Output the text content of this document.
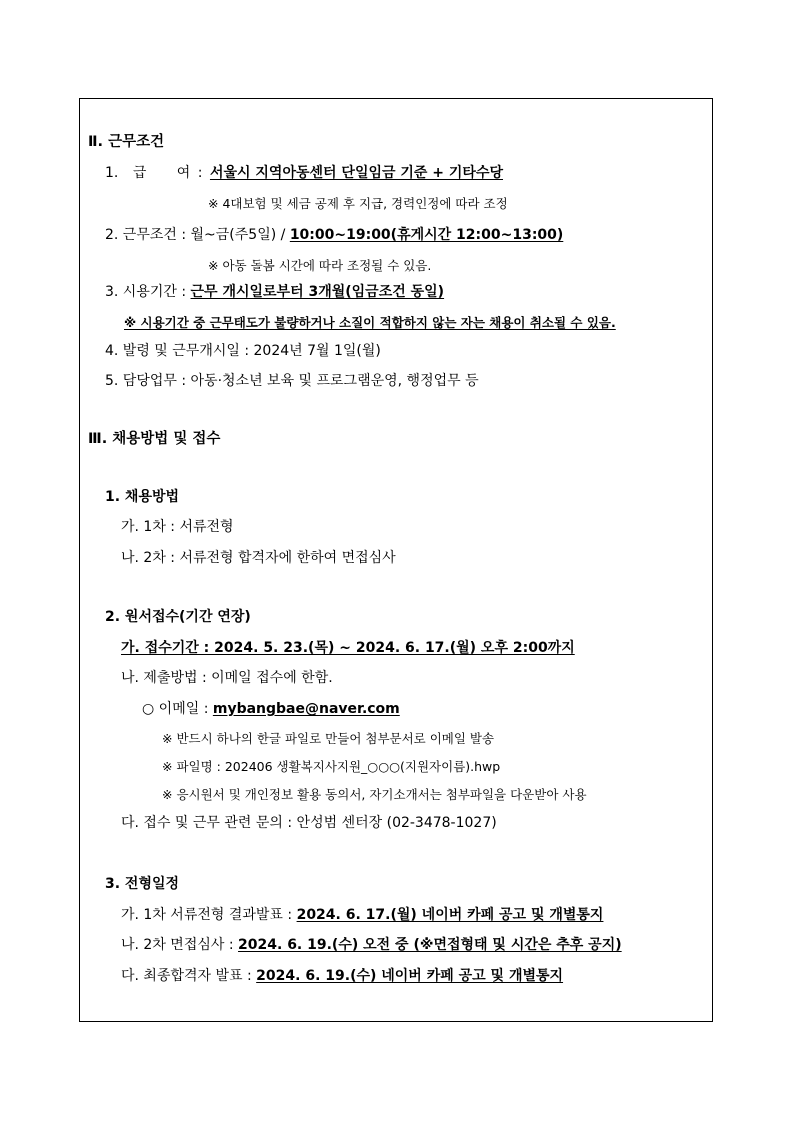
Ⅱ. 근무조건
1. 급 여 : 서울시 지역아동센터 단일임금 기준 + 기타수당
※ 4대보험 및 세금 공제 후 지급, 경력인정에 따라 조정
2. 근무조건 : 월~금(주5일) / 10:00~19:00(휴게시간 12:00~13:00)
※ 아동 돌봄 시간에 따라 조정될 수 있음.
3. 시용기간 : 근무 개시일로부터 3개월(임금조건 동일)
※ 시용기간 중 근무태도가 불량하거나 소질이 적합하지 않는 자는 채용이 취소될 수 있음.
4. 발령 및 근무개시일 : 2024년 7월 1일(월)
5. 담당업무 : 아동·청소년 보육 및 프로그램운영, 행정업무 등
Ⅲ. 채용방법 및 접수
1. 채용방법
가. 1차 : 서류전형
나. 2차 : 서류전형 합격자에 한하여 면접심사
2. 원서접수(기간 연장)
가. 접수기간 : 2024. 5. 23.(목) ~ 2024. 6. 17.(월) 오후 2:00까지
나. 제출방법 : 이메일 접수에 한함.
○ 이메일 : mybangbae@naver.com
※ 반드시 하나의 한글 파일로 만들어 첨부문서로 이메일 발송
※ 파일명 : 202406 생활복지사지원_○○○(지원자이름).hwp
※ 응시원서 및 개인정보 활용 동의서, 자기소개서는 첨부파일을 다운받아 사용
다. 접수 및 근무 관련 문의 : 안성범 센터장 (02-3478-1027)
3. 전형일정
가. 1차 서류전형 결과발표 : 2024. 6. 17.(월) 네이버 카페 공고 및 개별통지
나. 2차 면접심사 : 2024. 6. 19.(수) 오전 중 (※면접형태 및 시간은 추후 공지)
다. 최종합격자 발표 : 2024. 6. 19.(수) 네이버 카페 공고 및 개별통지
